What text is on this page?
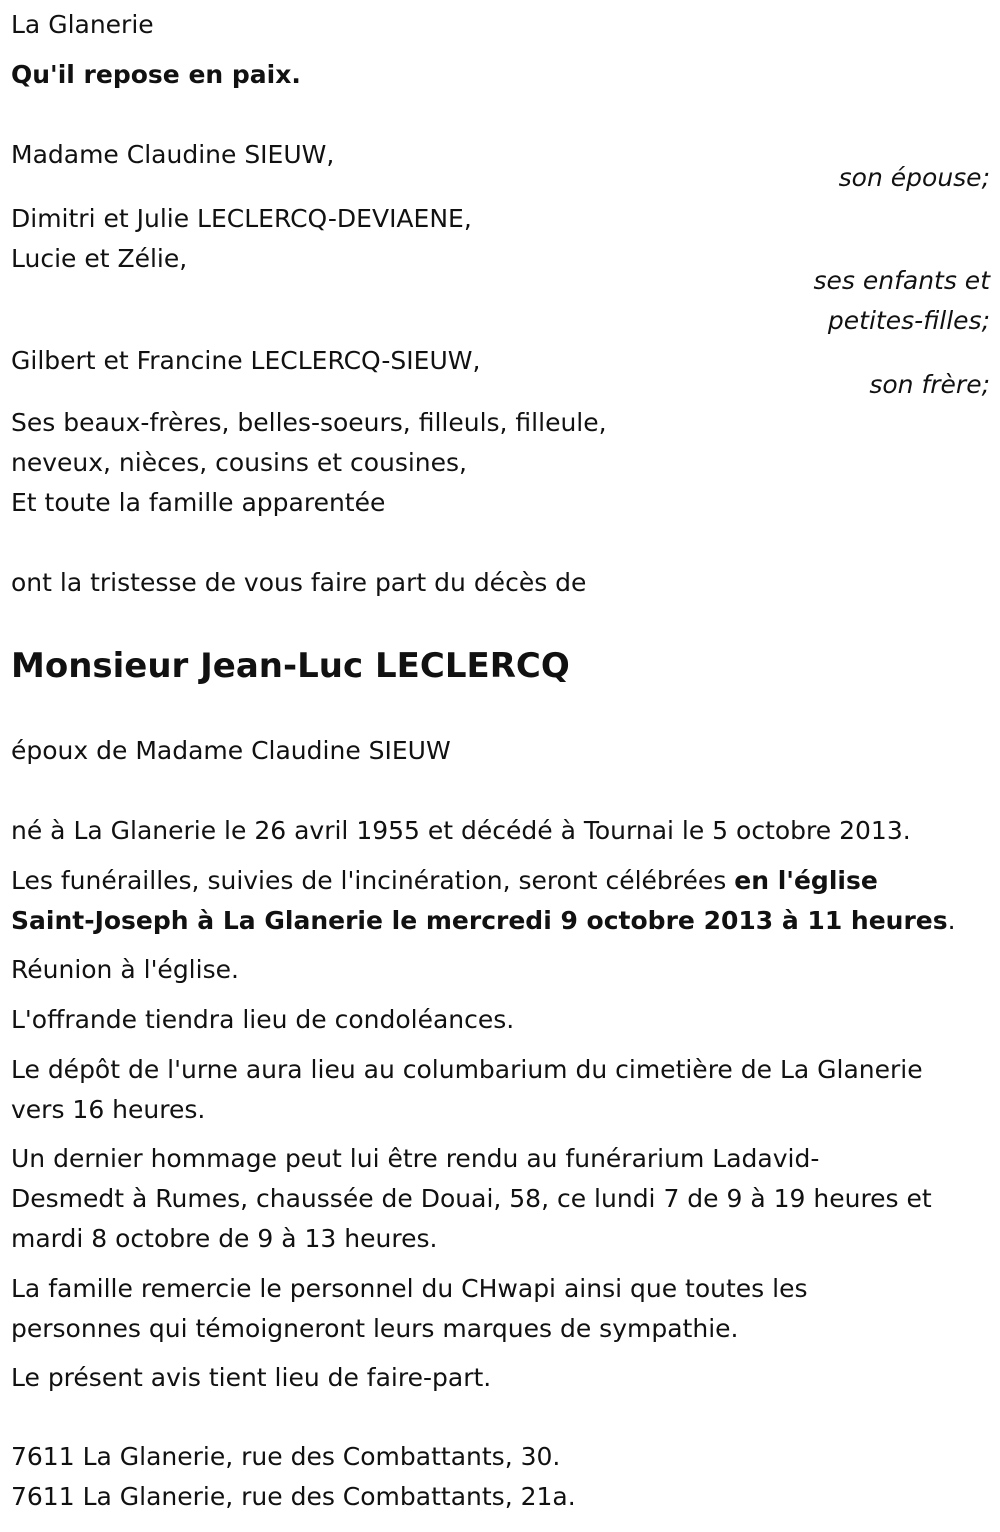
La Glanerie
Qu'il repose en paix.
Madame Claudine SIEUW,
son épouse;
Dimitri et Julie LECLERCQ-DEVIAENE,
Lucie et Zélie,
ses enfants et
petites-filles;
Gilbert et Francine LECLERCQ-SIEUW,
son frère;
Ses beaux-frères, belles-soeurs, filleuls, filleule,
neveux, nièces, cousins et cousines,
Et toute la famille apparentée
ont la tristesse de vous faire part du décès de
Monsieur Jean-Luc LECLERCQ
époux de Madame Claudine SIEUW
né à La Glanerie le 26 avril 1955 et décédé à Tournai le 5 octobre 2013.
Les funérailles, suivies de l'incinération, seront célébrées en l'église
Saint-Joseph à La Glanerie le mercredi 9 octobre 2013 à 11 heures.
Réunion à l'église.
L'offrande tiendra lieu de condoléances.
Le dépôt de l'urne aura lieu au columbarium du cimetière de La Glanerie
vers 16 heures.
Un dernier hommage peut lui être rendu au funérarium Ladavid-
Desmedt à Rumes, chaussée de Douai, 58, ce lundi 7 de 9 à 19 heures et
mardi 8 octobre de 9 à 13 heures.
La famille remercie le personnel du CHwapi ainsi que toutes les
personnes qui témoigneront leurs marques de sympathie.
Le présent avis tient lieu de faire-part.
7611 La Glanerie, rue des Combattants, 30.
7611 La Glanerie, rue des Combattants, 21a.
